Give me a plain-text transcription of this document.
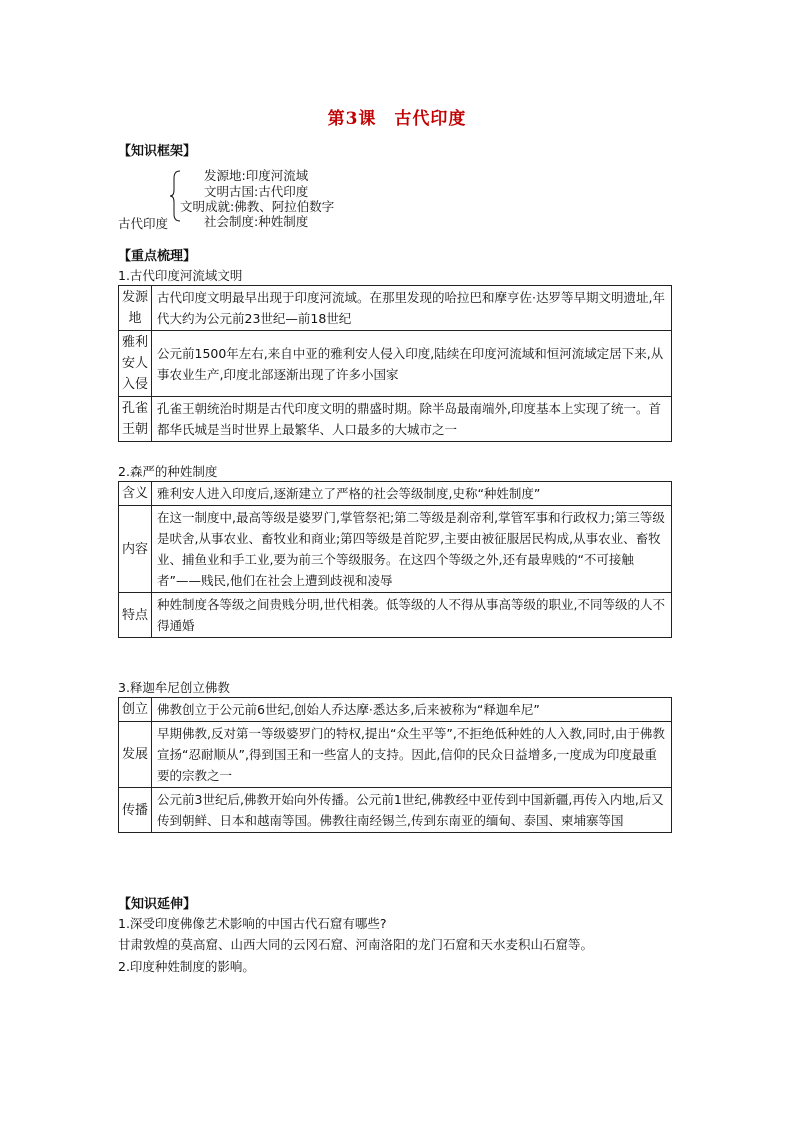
第3课　古代印度
【知识框架】
发源地:印度河流域
文明古国:古代印度
文明成就:佛教、阿拉伯数字
社会制度:种姓制度
古代印度
【重点梳理】
1.古代印度河流域文明
发源地	古代印度文明最早出现于印度河流域。在那里发现的哈拉巴和摩亨佐·达罗等早期文明遗址,年代大约为公元前23世纪—前18世纪
雅利安人入侵	公元前1500年左右,来自中亚的雅利安人侵入印度,陆续在印度河流域和恒河流域定居下来,从事农业生产,印度北部逐渐出现了许多小国家
孔雀王朝	孔雀王朝统治时期是古代印度文明的鼎盛时期。除半岛最南端外,印度基本上实现了统一。首都华氏城是当时世界上最繁华、人口最多的大城市之一
2.森严的种姓制度
含义	雅利安人进入印度后,逐渐建立了严格的社会等级制度,史称“种姓制度”
内容	在这一制度中,最高等级是婆罗门,掌管祭祀;第二等级是刹帝利,掌管军事和行政权力;第三等级是吠舍,从事农业、畜牧业和商业;第四等级是首陀罗,主要由被征服居民构成,从事农业、畜牧业、捕鱼业和手工业,要为前三个等级服务。在这四个等级之外,还有最卑贱的“不可接触者”——贱民,他们在社会上遭到歧视和凌辱
特点	种姓制度各等级之间贵贱分明,世代相袭。低等级的人不得从事高等级的职业,不同等级的人不得通婚
3.释迦牟尼创立佛教
创立	佛教创立于公元前6世纪,创始人乔达摩·悉达多,后来被称为“释迦牟尼”
发展	早期佛教,反对第一等级婆罗门的特权,提出“众生平等”,不拒绝低种姓的人入教,同时,由于佛教宣扬“忍耐顺从”,得到国王和一些富人的支持。因此,信仰的民众日益增多,一度成为印度最重要的宗教之一
传播	公元前3世纪后,佛教开始向外传播。公元前1世纪,佛教经中亚传到中国新疆,再传入内地,后又传到朝鲜、日本和越南等国。佛教往南经锡兰,传到东南亚的缅甸、泰国、柬埔寨等国
【知识延伸】
1.深受印度佛像艺术影响的中国古代石窟有哪些?
甘肃敦煌的莫高窟、山西大同的云冈石窟、河南洛阳的龙门石窟和天水麦积山石窟等。
2.印度种姓制度的影响。
